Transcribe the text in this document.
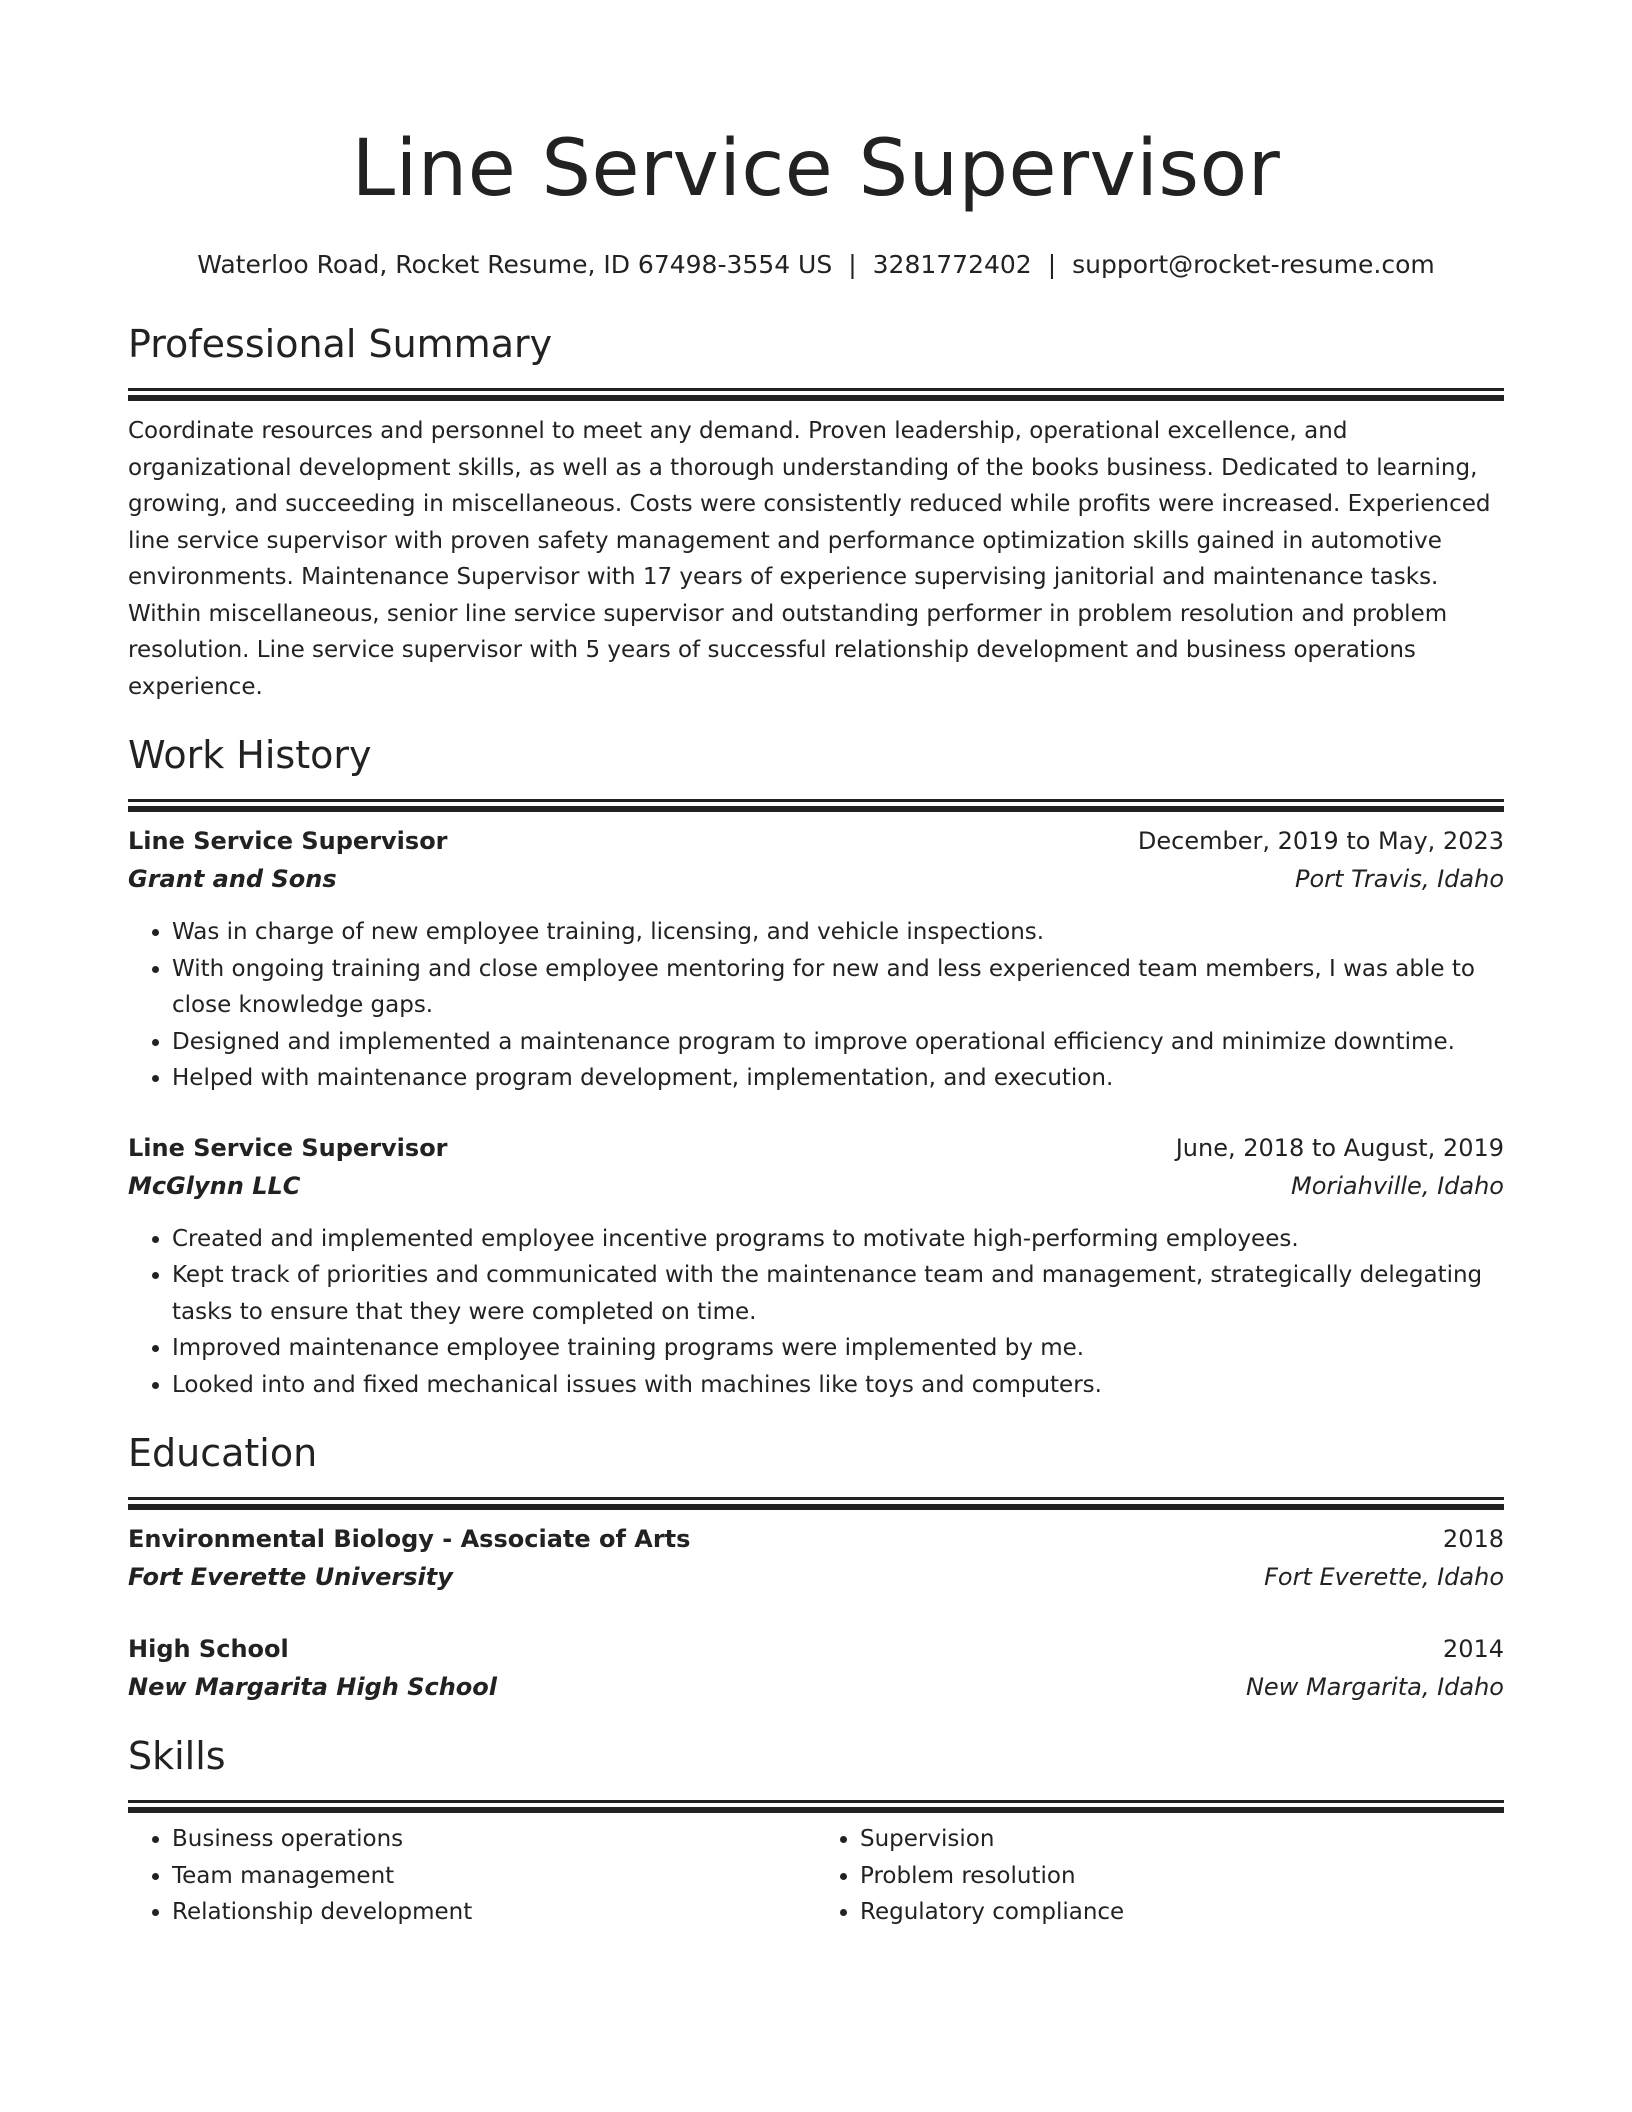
Line Service Supervisor
Waterloo Road, Rocket Resume, ID 67498-3554 US | 3281772402 | support@rocket-resume.com
Professional Summary

Coordinate resources and personnel to meet any demand. Proven leadership, operational excellence, and organizational development skills, as well as a thorough understanding of the books business. Dedicated to learning, growing, and succeeding in miscellaneous. Costs were consistently reduced while profits were increased. Experienced line service supervisor with proven safety management and performance optimization skills gained in automotive environments. Maintenance Supervisor with 17 years of experience supervising janitorial and maintenance tasks. Within miscellaneous, senior line service supervisor and outstanding performer in problem resolution and problem resolution. Line service supervisor with 5 years of successful relationship development and business operations experience.

Work History
Line Service Supervisor	December, 2019 to May, 2023
Grant and Sons	Port Travis, Idaho
• Was in charge of new employee training, licensing, and vehicle inspections.
• With ongoing training and close employee mentoring for new and less experienced team members, I was able to close knowledge gaps.
• Designed and implemented a maintenance program to improve operational efficiency and minimize downtime.
• Helped with maintenance program development, implementation, and execution.
Line Service Supervisor	June, 2018 to August, 2019
McGlynn LLC	Moriahville, Idaho
• Created and implemented employee incentive programs to motivate high-performing employees.
• Kept track of priorities and communicated with the maintenance team and management, strategically delegating tasks to ensure that they were completed on time.
• Improved maintenance employee training programs were implemented by me.
• Looked into and fixed mechanical issues with machines like toys and computers.
Education
Environmental Biology - Associate of Arts	2018
Fort Everette University	Fort Everette, Idaho
High School	2014
New Margarita High School	New Margarita, Idaho
Skills
• Business operations
• Team management
• Relationship development
• Supervision
• Problem resolution
• Regulatory compliance
